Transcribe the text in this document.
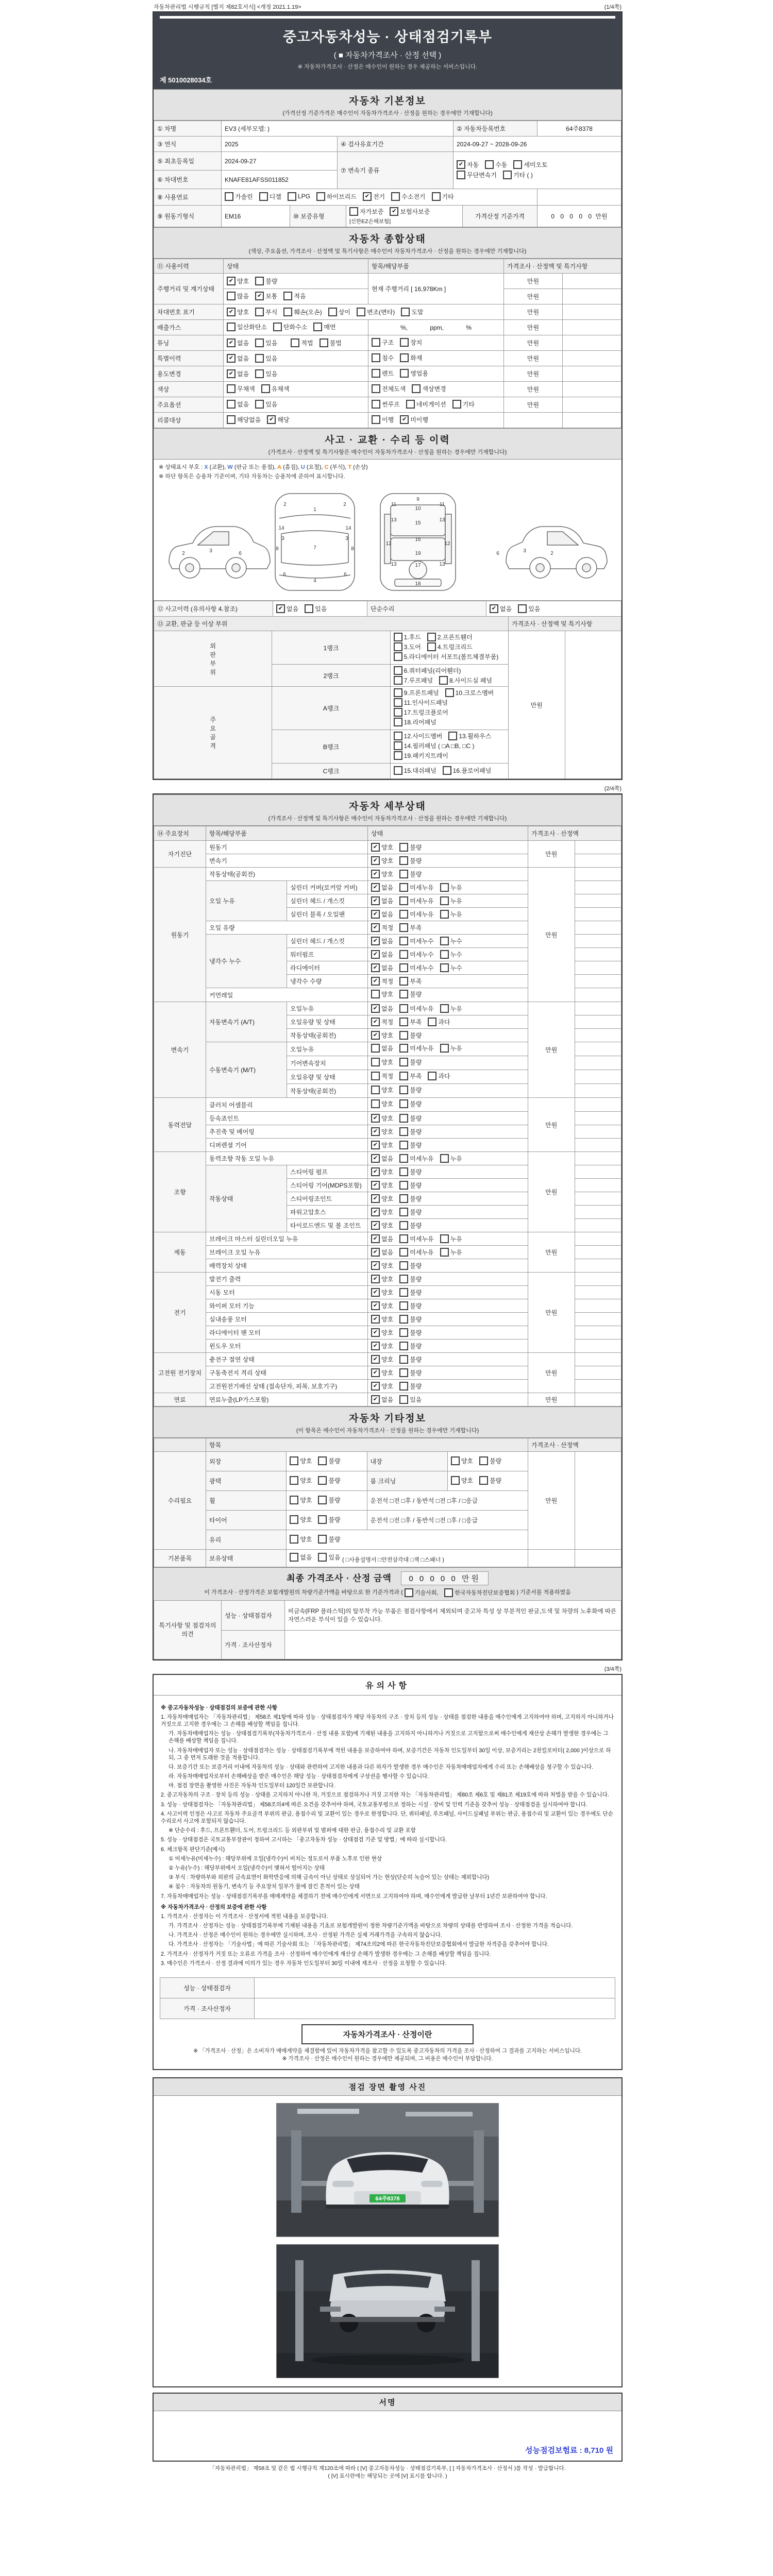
자동차관리법 시행규칙 [별지 제82호서식] <개정 2021.1.19>	(1/4쪽)
중고자동차성능 · 상태점검기록부
( ■ 자동차가격조사 · 산정 선택 )
※ 자동차가격조사 · 산정은 매수인이 원하는 경우 제공하는 서비스입니다.
제 5010028034호
자동차 기본정보
(가격산정 기준가격은 매수인이 자동차가격조사 · 산정을 원하는 경우에만 기재합니다)
① 차명	EV3 (세부모델: )		② 자동차등록번호	64주8378
③ 연식	2025	④ 검사유효기간	2024-09-27 ~ 2028-09-26	
⑤ 최초등록일	2024-09-27	⑦ 변속기 종류	
✔ 자동	수동	세미오토
무단변속기	기타 ( )

⑥ 차대번호	KNAFE81AFSS011852			
⑧ 사용연료	가솔린	디젤	LPG	하이브리드	✔ 전기	수소전기	기타

⑨ 원동기형식	EM16	⑩ 보증유형	
자가보증	✔ 보험사보증
[신한EZ손해보험]	가격산정 기준가격	0 0 0 0 0 만원
자동차 종합상태
(색상, 주요옵션, 가격조사 · 산정액 및 특기사항은 매수인이 자동차가격조사 · 산정을 원하는 경우에만 기재합니다)
⑪ 사용이력	상태	항목/해당부품	가격조사 · 산정액 및 특기사항	
주행거리 및 계기상태	✔ 양호 불량	현재 주행거리 [ 16,978Km ]	만원	

	많음 ✔ 보통 적음		만원	
차대번호 표기	✔ 양호	부식	훼손(오손)	상이	변조(변타)	도말	만원	
배출가스	일산화탄소 탄화수소 매연	%,             ppm,             %	만원	
튜닝	✔ 없음 있음 적법 불법	구조 장치	만원	
특별이력	✔ 없음 있음	침수 화재	만원	
용도변경	✔ 없음 있음	렌트 영업용	만원	
색상	무채색 유채색	전체도색 색상변경	만원	
주요옵션	없음 있음	썬루프 네비게이션 기타	만원	
리콜대상	해당없음 ✔ 해당	이행 ✔ 미이행		

사고 · 교환 · 수리 등 이력
(가격조사 · 산정액 및 특기사항은 매수인이 자동차가격조사 · 산정을 원하는 경우에만 기재합니다)
※ 상태표시 부호 : X (교환), W (판금 또는 용접), A (흠집), U (요철), C (부식), T (손상)
※ 하단 항목은 승용차 기준이며, 기타 자동차는 승용차에 준하여 표시합니다.
2	3	6
1
7
4
2	2
3	3
14	14
6	6
8	8
9
10
11	11
13	13
15
16
12	12
13	13
17
19
18
6	3	2
⑫ 사고이력 (유의사항 4.참조)	✔ 없음	있음	단순수리	✔ 없음	있음
⑬ 교환, 판금 등 이상 부위			가격조사 · 산정액 및 특기사항	
외
판
부
위	1랭크	1.후드 2.프론트휀더
3.도어 4.트렁크리드
5.라디에이터 서포트(볼트체결부품)	만원	
	2랭크	6.쿼터패널(리어휀더)
7.루프패널 8.사이드실 패널		

주
요
골
격	A랭크	9.프론트패널 10.크로스멤버
11.인사이드패널
17.트렁크플로어
18.리어패널		

	B랭크	12.사이드멤버 13.휠하우스
14.필러패널 ( □A □B, □C )
19.패키지트레이		

	C랭크	15.대쉬패널 16.플로어패널		
(2/4쪽)
자동차 세부상태
(가격조사 · 산정액 및 특기사항은 매수인이 자동차가격조사 · 산정을 원하는 경우에만 기재합니다)
⑭ 주요장치	항목/해당부품		상태	가격조사 · 산정액	
자기진단	원동기		✔ 양호 불량	만원	
	변속기		✔ 양호 불량		

원동기	작동상태(공회전)		✔ 양호 불량	만원	
	오일 누유	실린더 커버(로커암 커버)	✔ 없음 미세누유 누유		

		실린더 헤드 / 개스킷	✔ 없음 미세누유 누유		

		실린더 블록 / 오일팬	✔ 없음 미세누유 누유		

	오일 유량		✔ 적정 부족		

	냉각수 누수	실린더 헤드 / 개스킷	✔ 없음 미세누수 누수		

		워터펌프	✔ 없음 미세누수 누수		

		라디에이터	✔ 없음 미세누수 누수		

		냉각수 수량	✔ 적정 부족		

	커먼레일		양호 불량		

변속기	자동변속기 (A/T)	오일누유	✔ 없음 미세누유 누유	만원	
		오일유량 및 상태	✔ 적정 부족 과다		

		작동상태(공회전)	✔ 양호 불량		

	수동변속기 (M/T)	오일누유	없음 미세누유 누유		

		기어변속장치	양호 불량		

		오일유량 및 상태	적정 부족 과다		

		작동상태(공회전)	양호 불량		

동력전달	클러치 어셈블리		양호 불량	만원	
	등속죠인트		✔ 양호 불량		

	추진축 및 베어링		✔ 양호 불량		

	디퍼렌셜 기어		✔ 양호 불량		

조향	동력조향 작동 오일 누유		✔ 없음 미세누유 누유	만원	
	작동상태	스티어링 펌프	✔ 양호 불량		

		스티어링 기어(MDPS포함)	✔ 양호 불량		

		스티어링조인트	✔ 양호 불량		

		파워고압호스	✔ 양호 불량		

		타이로드엔드 및 볼 조인트	✔ 양호 불량		

제동	브레이크 마스터 실린더오일 누유		✔ 없음 미세누유 누유	만원	
	브레이크 오일 누유		✔ 없음 미세누유 누유		

	배력장치 상태		✔ 양호 불량		

전기	발전기 출력		✔ 양호 불량	만원	
	시동 모터		✔ 양호 불량		

	와이퍼 모터 기능		✔ 양호 불량		

	실내송풍 모터		✔ 양호 불량		

	라디에이터 팬 모터		✔ 양호 불량		

	윈도우 모터		✔ 양호 불량		

고전원 전기장치	충전구 절연 상태		✔ 양호 불량	만원	
	구동축전지 격리 상태		✔ 양호 불량		

	고전원전기배선 상태 (접속단자, 피복, 보호기구)		✔ 양호 불량		

연료	연료누출(LP가스포함)		✔ 없음 있음	만원	
자동차 기타정보
(이 항목은 매수인이 자동차가격조사 · 산정을 원하는 경우에만 기재합니다)
	항목				가격조사 · 산정액	
수리필요	외장	양호 불량	내장	양호 불량	만원	
	광택	양호 불량	룸 크리닝	양호 불량		

	휠	양호 불량	운전석 □전 □후 / 동반석 □전 □후 / □응급			
	타이어	양호 불량	운전석 □전 □후 / 동반석 □전 □후 / □응급			
	유리	양호 불량				

기본품목	보유상태	없음 있음 ( □사용설명서 □안전삼각대 □잭 □스패너 )				
최종 가격조사 · 산정 금액 0 0 0 0 0 만원
이 가격조사 · 산정가격은 보험개발원의 차량기준가액을 바탕으로 한 기준가격과 ( 기술사회,	한국자동차진단보증협회 ) 기준서를 적용하였음
특기사항 및 점검자의 의견	성능 · 상태점검자	비금속(FRP 플라스틱)의 탈부착 가능 부품은 점검사항에서 제외되며 중고차 특성 상 부분적인 판금,도색 및 차량의 노후화에 따른 자연스러운 부식이 있을 수 있습니다.
	가격 · 조사산정자	
(3/4쪽)
유의사항

※ 중고자동차성능 · 상태점검의 보증에 관한 사항

1. 자동차매매업자는 「자동차관리법」 제58조 제1항에 따라 성능 · 상태점검자가 해당 자동차의 구조 · 장치 등의 성능 · 상태를 점검한 내용을 매수인에게 고지하여야 하며, 고지하지 아니하거나 거짓으로 고지한 경우에는 그 손해를 배상할 책임을 집니다.

가. 자동차매매업자는 성능 · 상태점검기록부(자동차가격조사 · 산정 내용 포함)에 기재된 내용을 고지하지 아니하거나 거짓으로 고지함으로써 매수인에게 재산상 손해가 발생한 경우에는 그 손해를 배상할 책임을 집니다.

나. 자동차매매업자 또는 성능 · 상태점검자는 성능 · 상태점검기록부에 적힌 내용을 보증하여야 하며, 보증기간은 자동차 인도일부터 30일 이상, 보증거리는 2천킬로미터( 2,000 )이상으로 하되, 그 중 먼저 도래한 것을 적용합니다.

다. 보증기간 또는 보증거리 이내에 자동차의 성능 · 상태와 관련하여 고지한 내용과 다른 하자가 발생한 경우 매수인은 자동차매매업자에게 수리 또는 손해배상을 청구할 수 있습니다.

라. 자동차매매업자로부터 손해배상을 받은 매수인은 해당 성능 · 상태점검자에게 구상권을 행사할 수 있습니다.

마. 점검 장면을 촬영한 사진은 자동차 인도일부터 120일간 보관합니다.

2. 중고자동차의 구조 · 장치 등의 성능 · 상태를 고지하지 아니한 자, 거짓으로 점검하거나 거짓 고지한 자는 「자동차관리법」 제80조 제6호 및 제81조 제19호에 따라 처벌을 받을 수 있습니다.

3. 성능 · 상태점검자는 「자동차관리법」 제58조의4에 따른 요건을 갖추어야 하며, 국토교통부령으로 정하는 시설 · 장비 및 인력 기준을 갖추어 성능 · 상태점검을 실시하여야 합니다.

4. 사고이력 인정은 사고로 자동차 주요골격 부위의 판금, 용접수리 및 교환이 있는 경우로 한정합니다. 단, 쿼터패널, 루프패널, 사이드실패널 부위는 판금, 용접수리 및 교환이 있는 경우에도 단순수리로서 사고에 포함되지 않습니다.

※ 단순수리 : 후드, 프론트휀더, 도어, 트렁크리드 등 외판부위 및 범퍼에 대한 판금, 용접수리 및 교환 포함

5. 성능 · 상태점검은 국토교통부장관이 정하여 고시하는 「중고자동차 성능 · 상태점검 기준 및 방법」에 따라 실시합니다.

6. 체크항목 판단기준(예시)

① 미세누유(미세누수) : 해당부위에 오일(냉각수)이 비치는 정도로서 부품 노후로 인한 현상

② 누유(누수) : 해당부위에서 오일(냉각수)이 맺혀서 떨어지는 상태

③ 부식 : 차량하부와 외판의 금속표면이 화학반응에 의해 금속이 아닌 상태로 상실되어 가는 현상(단순히 녹슬어 있는 상태는 제외합니다)

④ 침수 : 자동차의 원동기, 변속기 등 주요장치 일부가 물에 잠긴 흔적이 있는 상태

7. 자동차매매업자는 성능 · 상태점검기록부를 매매계약을 체결하기 전에 매수인에게 서면으로 고지하여야 하며, 매수인에게 발급한 날부터 1년간 보관하여야 합니다.

※ 자동차가격조사 · 산정의 보증에 관한 사항

1. 가격조사 · 산정자는 이 가격조사 · 산정서에 적힌 내용을 보증합니다.

가. 가격조사 · 산정자는 성능 · 상태점검기록부에 기재된 내용을 기초로 보험개발원이 정한 차량기준가액을 바탕으로 차량의 상태를 반영하여 조사 · 산정한 가격을 적습니다.

나. 가격조사 · 산정은 매수인이 원하는 경우에만 실시하며, 조사 · 산정된 가격은 실제 거래가격을 구속하지 않습니다.

다. 가격조사 · 산정자는 「기술사법」에 따른 기술사회 또는 「자동차관리법」 제74조의2에 따른 한국자동차진단보증협회에서 발급한 자격증을 갖추어야 합니다.

2. 가격조사 · 산정자가 거짓 또는 오류로 가격을 조사 · 산정하여 매수인에게 재산상 손해가 발생한 경우에는 그 손해를 배상할 책임을 집니다.

3. 매수인은 가격조사 · 산정 결과에 이의가 있는 경우 자동차 인도일부터 30일 이내에 재조사 · 산정을 요청할 수 있습니다.

성능 · 상태점검자	
가격 · 조사산정자	
자동차가격조사 · 산정이란
※ 「가격조사 · 산정」은 소비자가 매매계약을 체결함에 있어 자동차가격을 참고할 수 있도록 중고자동차의 가격을 조사 · 산정하여 그 결과를 고지하는 서비스입니다.
※ 가격조사 · 산정은 매수인이 원하는 경우에만 제공되며, 그 비용은 매수인이 부담합니다.
점검 장면 촬영 사진
64주8378
서명
성능점검보험료 : 8,710 원
「자동차관리법」 제58조 및 같은 법 시행규칙 제120조에 따라 ( [V] 중고자동차성능 · 상태점검기록부, [ ] 자동차가격조사 · 산정서 )를 작성 · 발급합니다.
( [V] 표시란에는 해당되는 곳에 [V] 표시를 합니다. )
